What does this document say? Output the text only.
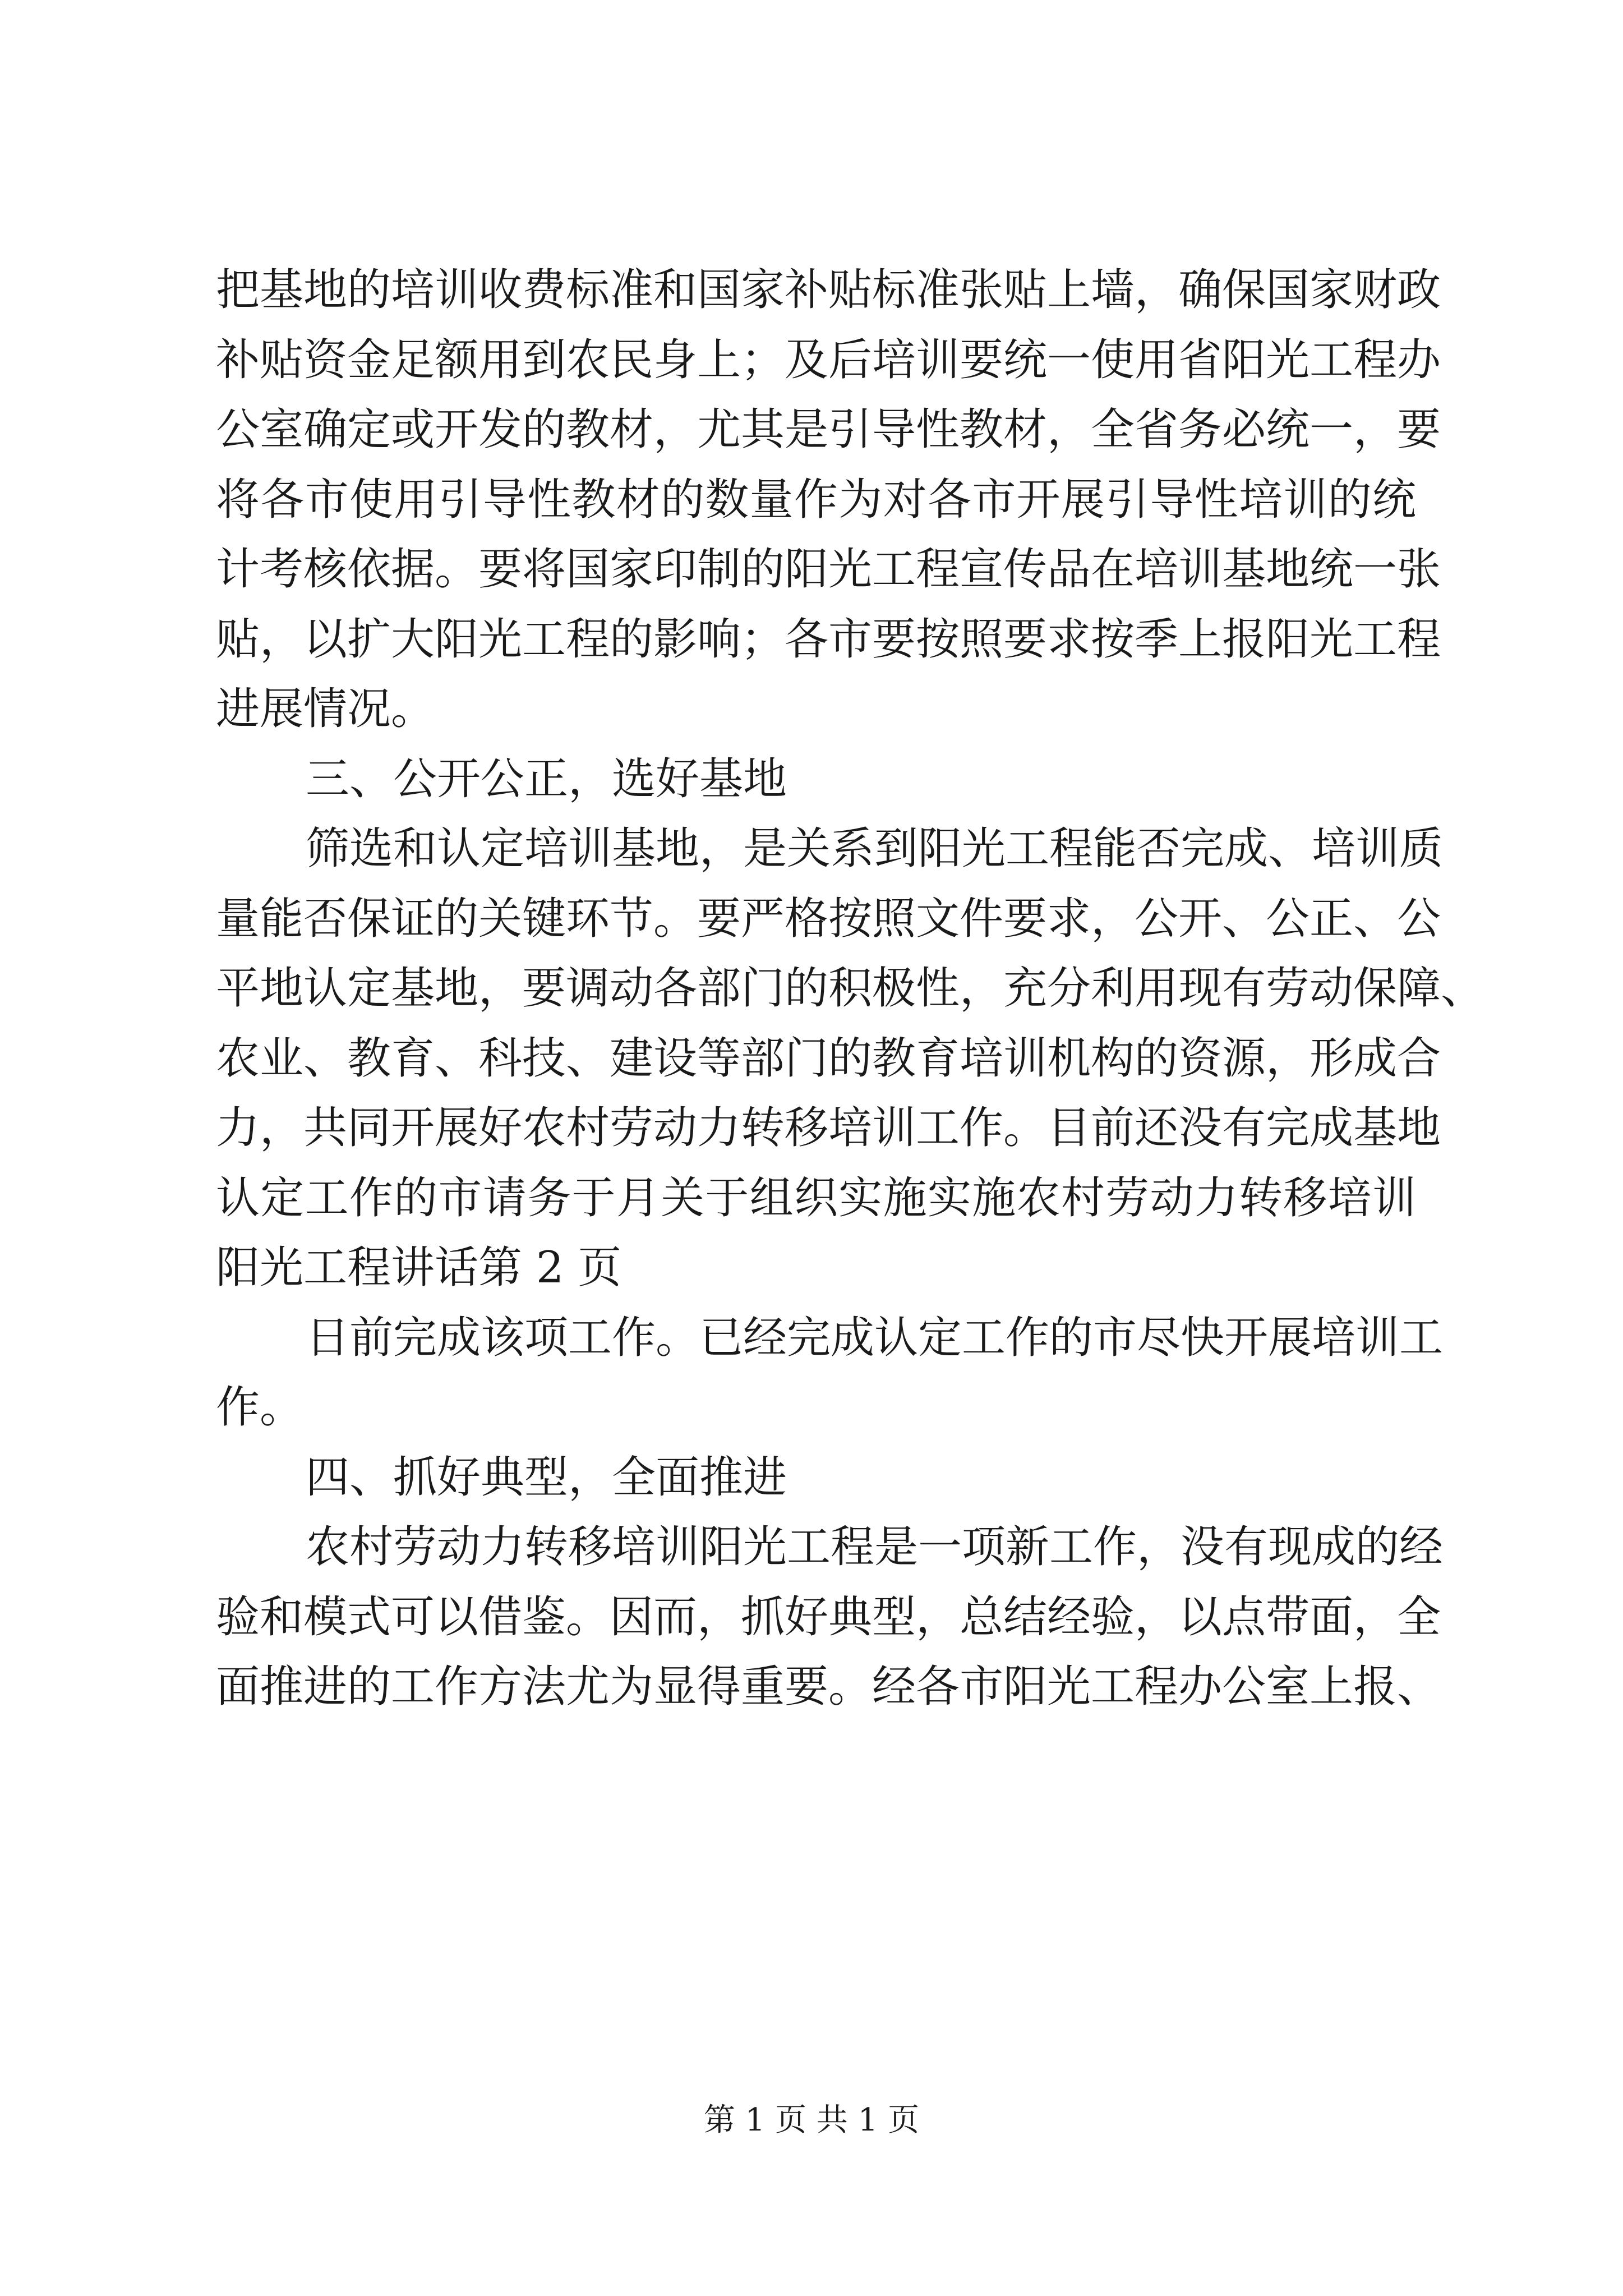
把基地的培训收费标准和国家补贴标准张贴上墙，确保国家财政
补贴资金足额用到农民身上；及后培训要统一使用省阳光工程办
公室确定或开发的教材，尤其是引导性教材，全省务必统一，要
将各市使用引导性教材的数量作为对各市开展引导性培训的统
计考核依据。要将国家印制的阳光工程宣传品在培训基地统一张
贴，以扩大阳光工程的影响；各市要按照要求按季上报阳光工程
进展情况。
三、公开公正，选好基地
筛选和认定培训基地，是关系到阳光工程能否完成、培训质
量能否保证的关键环节。要严格按照文件要求，公开、公正、公
平地认定基地，要调动各部门的积极性，充分利用现有劳动保障、
农业、教育、科技、建设等部门的教育培训机构的资源，形成合
力，共同开展好农村劳动力转移培训工作。目前还没有完成基地
认定工作的市请务于月关于组织实施实施农村劳动力转移培训
阳光工程讲话第 2 页
日前完成该项工作。已经完成认定工作的市尽快开展培训工
作。
四、抓好典型，全面推进
农村劳动力转移培训阳光工程是一项新工作，没有现成的经
验和模式可以借鉴。因而，抓好典型，总结经验，以点带面，全
面推进的工作方法尤为显得重要。经各市阳光工程办公室上报、
第 1 页 共 1 页
